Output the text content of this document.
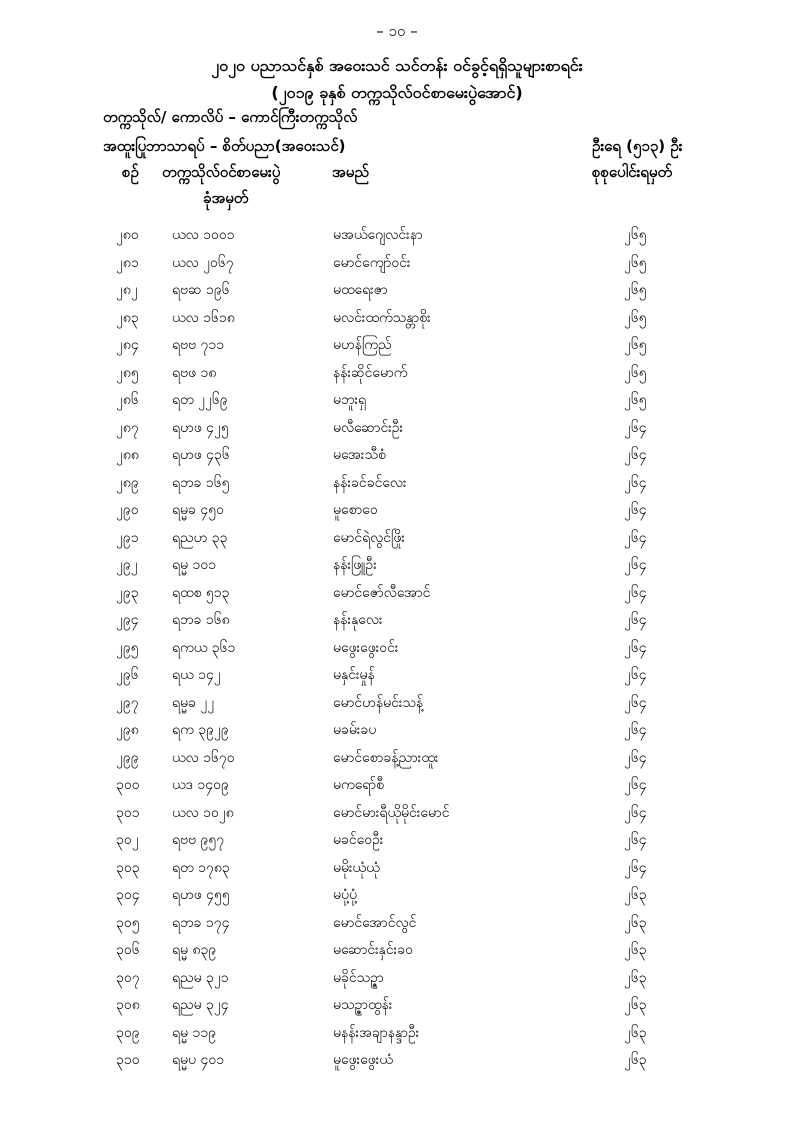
– ၁၀ –
၂၀၂၀ ပညာသင်နှစ် အဝေးသင် သင်တန်း ဝင်ခွင့်ရရှိသူများစာရင်း
(၂၀၁၉ ခုနှစ် တက္ကသိုလ်ဝင်စာမေးပွဲအောင်)
တက္ကသိုလ်/ ကောလိပ် – ကောင်ကြီးတက္ကသိုလ်
အထူးပြုဘာသာရပ် – စိတ်ပညာ(အဝေးသင်)	ဦးရေ (၅၁၃) ဦး
စဉ် တက္ကသိုလ်ဝင်စာမေးပွဲ
ခုံအမှတ်
အမည်	စုစုပေါင်းရမှတ်
၂၈၀ ယလ ၁၀၀၁	မအယ်ဂျေလင်းနာ	၂၆၅
၂၈၁ ယလ ၂၀၆၇	မောင်ကျော်ဝင်း	၂၆၅
၂၈၂ ရဗဆ ၁၉၆	မထရေးဇာ	၂၆၅
၂၈၃ ယလ ၁၆၁၈	မလင်းထက်သန္တာစိုး	၂၆၅
၂၈၄ ရဗဗ ၇၁၁	မဟန်ကြည်	၂၆၅
၂၈၅ ရဗဖ ၁၈	နန်းဆိုင်မောက်	၂၆၅
၂၈၆ ရတ ၂၂၆၉	မဘူးရှ	၂၆၅
၂၈၇ ရဟဖ ၄၂၅	မလီဆောင်းဦး	၂၆၄
၂၈၈ ရဟဖ ၄၃၆	မအေးသီစံ	၂၆၄
၂၈၉ ရဘခ ၁၆၅	နန်းခင်ခင်လေး	၂၆၄
၂၉၀ ရမ္မခ ၄၅၀	မူစောဝေ	၂၆၄
၂၉၁ ရညဟ ၃၃	မောင်ရဲလွင်ဖြိုး	၂၆၄
၂၉၂ ရမ္မ ၁၀၁	နန်းဖြူဦး	၂၆၄
၂၉၃ ရထစ ၅၁၃	မောင်ဇော်လီအောင်	၂၆၄
၂၉၄ ရဘခ ၁၆၈	နန်းနုလေး	၂၆၄
၂၉၅ ရကယ ၃၆၁	မဖွေးဖွေးဝင်း	၂၆၄
၂၉၆ ရယ ၁၄၂	မနှင်းမှုန်	၂၆၄
၂၉၇ ရမ္မခ ၂၂	မောင်ဟန်မင်းသန့်	၂၆၄
၂၉၈ ရက ၃၉၂၉	မခမ်းခပ	၂၆၄
၂၉၉ ယလ ၁၆၇၀	မောင်စောခန့်ညားထူး	၂၆၄
၃၀၀ ယဒ ၁၄၀၉	မကရော်စီ	၂၆၄
၃၀၁ ယလ ၁၀၂၈	မောင်မားရီယိုမိုင်းမောင်	၂၆၄
၃၀၂ ရဗဗ ၉၅၇	မခင်ဝေဦး	၂၆၄
၃၀၃ ရတ ၁၇၈၃	မမိုးယုံယုံ	၂၆၄
၃၀၄ ရဟဖ ၄၅၅	မပုံ့ပုံ့	၂၆၃
၃၀၅ ရဘခ ၁၇၄	မောင်အောင်လွင်	၂၆၃
၃၀၆ ရမ္မ ၈၃၉	မဆောင်းနှင်းခဝ	၂၆၃
၃၀၇ ရညမ ၃၂၁	မခိုင်သဉ္ဇာ	၂၆၃
၃၀၈ ရညမ ၃၂၄	မသဉ္ဇာထွန်း	၂၆၃
၃၀၉ ရမ္မ ၁၁၉	မနန်းအချာနန္ဒာဦး	၂၆၃
၃၁၀ ရမ္မပ ၄၀၁	မူဖွေးဖွေးယံ	၂၆၃
